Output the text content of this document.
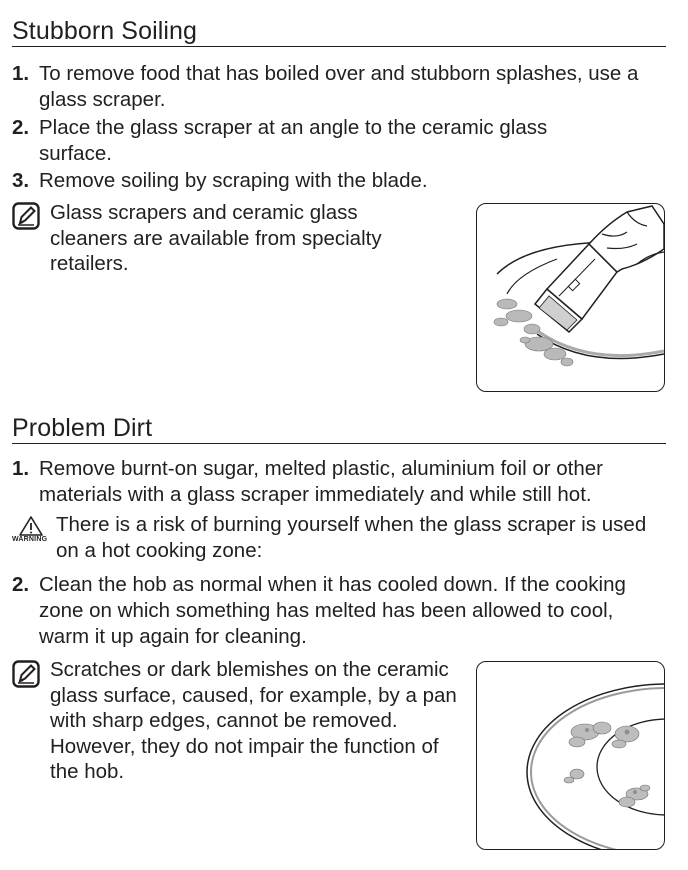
Stubborn Soiling
1. To remove food that has boiled over and stubborn splashes, use a glass scraper.
2. Place the glass scraper at an angle to the ceramic glass surface.
3. Remove soiling by scraping with the blade.
Glass scrapers and ceramic glass cleaners are available from specialty retailers.
Problem Dirt
1. Remove burnt-on sugar, melted plastic, aluminium foil or other materials with a glass scraper immediately and while still hot.
WARNING
There is a risk of burning yourself when the glass scraper is used on a hot cooking zone:
2. Clean the hob as normal when it has cooled down. If the cooking zone on which something has melted has been allowed to cool, warm it up again for cleaning.
Scratches or dark blemishes on the ceramic glass surface, caused, for example, by a pan with sharp edges, cannot be removed. However, they do not impair the function of the hob.
